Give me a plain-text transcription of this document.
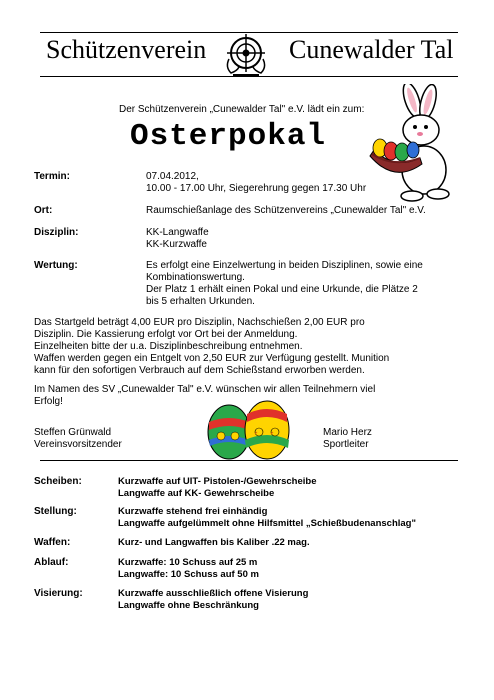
Schützenverein	Cunewalder Tal
Der Schützenverein „Cunewalder Tal" e.V. lädt ein zum:
Osterpokal
Termin:	07.04.2012,
10.00 - 17.00 Uhr, Siegerehrung gegen 17.30 Uhr
Ort:	Raumschießanlage des Schützenvereins „Cunewalder Tal" e.V.
Disziplin:	KK-Langwaffe
KK-Kurzwaffe
Wertung:	Es erfolgt eine Einzelwertung in beiden Disziplinen, sowie eine
Kombinationswertung.
Der Platz 1 erhält einen Pokal und eine Urkunde, die Plätze 2
bis 5 erhalten Urkunden.
Das Startgeld beträgt 4,00 EUR pro Disziplin, Nachschießen 2,00 EUR pro
Disziplin. Die Kassierung erfolgt vor Ort bei der Anmeldung.
Einzelheiten bitte der u.a. Disziplinbeschreibung entnehmen.
Waffen werden gegen ein Entgelt von 2,50 EUR zur Verfügung gestellt. Munition
kann für den sofortigen Verbrauch auf dem Schießstand erworben werden.
Im Namen des SV „Cunewalder Tal" e.V. wünschen wir allen Teilnehmern viel
Erfolg!
Steffen Grünwald
Vereinsvorsitzender
Mario Herz
Sportleiter
Scheiben:	Kurzwaffe auf UIT- Pistolen-/Gewehrscheibe
Langwaffe auf KK- Gewehrscheibe
Stellung:	Kurzwaffe stehend frei einhändig
Langwaffe aufgelümmelt ohne Hilfsmittel „Schießbudenanschlag"
Waffen:	Kurz- und Langwaffen bis Kaliber .22 mag.
Ablauf:	Kurzwaffe: 10 Schuss auf 25 m
Langwaffe: 10 Schuss auf 50 m
Visierung:	Kurzwaffe ausschließlich offene Visierung
Langwaffe ohne Beschränkung
